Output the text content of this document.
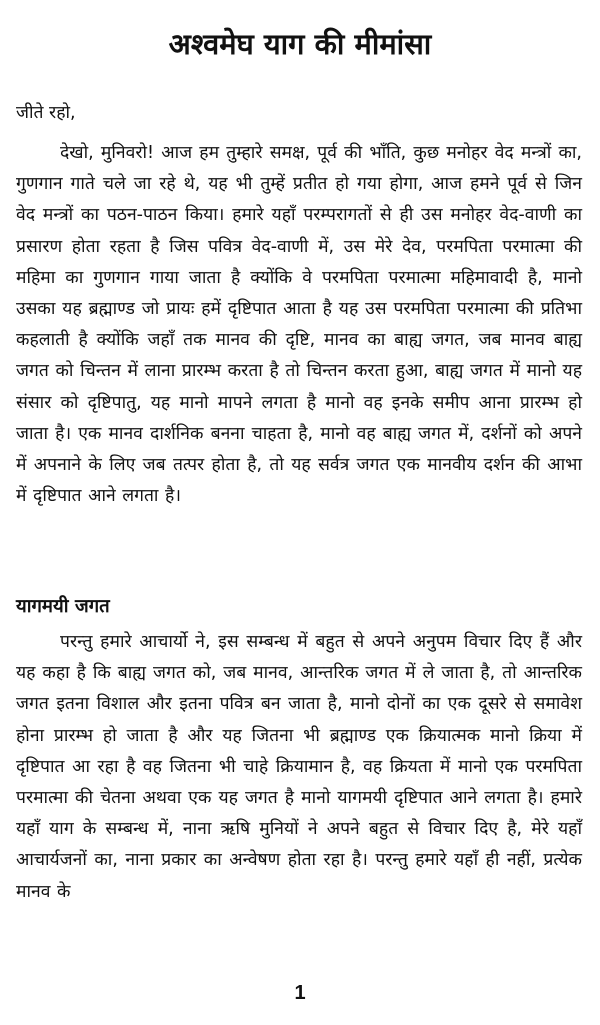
अश्वमेघ याग की मीमांसा

जीते रहो,

देखो, मुनिवरो! आज हम तुम्हारे समक्ष, पूर्व की भाँति, कुछ मनोहर वेद मन्त्रों का, गुणगान गाते चले जा रहे थे, यह भी तुम्हें प्रतीत हो गया होगा, आज हमने पूर्व से जिन वेद मन्त्रों का पठन-पाठन किया। हमारे यहाँ परम्परागतों से ही उस मनोहर वेद-वाणी का प्रसारण होता रहता है जिस पवित्र वेद-वाणी में, उस मेरे देव, परमपिता परमात्मा की महिमा का गुणगान गाया जाता है क्योंकि वे परमपिता परमात्मा महिमावादी है, मानो उसका यह ब्रह्माण्ड जो प्रायः हमें दृष्टिपात आता है यह उस परमपिता परमात्मा की प्रतिभा कहलाती है क्योंकि जहाँ तक मानव की दृष्टि, मानव का बाह्य जगत, जब मानव बाह्य जगत को चिन्तन में लाना प्रारम्भ करता है तो चिन्तन करता हुआ, बाह्य जगत में मानो यह संसार को दृष्टिपातु, यह मानो मापने लगता है मानो वह इनके समीप आना प्रारम्भ हो जाता है। एक मानव दार्शनिक बनना चाहता है, मानो वह बाह्य जगत में, दर्शनों को अपने में अपनाने के लिए जब तत्पर होता है, तो यह सर्वत्र जगत एक मानवीय दर्शन की आभा में दृष्टिपात आने लगता है।

यागमयी जगत

परन्तु हमारे आचार्यो ने, इस सम्बन्ध में बहुत से अपने अनुपम विचार दिए हैं और यह कहा है कि बाह्य जगत को, जब मानव, आन्तरिक जगत में ले जाता है, तो आन्तरिक जगत इतना विशाल और इतना पवित्र बन जाता है, मानो दोनों का एक दूसरे से समावेश होना प्रारम्भ हो जाता है और यह जितना भी ब्रह्माण्ड एक क्रियात्मक मानो क्रिया में दृष्टिपात आ रहा है वह जितना भी चाहे क्रियामान है, वह क्रियता में मानो एक परमपिता परमात्मा की चेतना अथवा एक यह जगत है मानो यागमयी दृष्टिपात आने लगता है। हमारे यहाँ याग के सम्बन्ध में, नाना ऋषि मुनियों ने अपने बहुत से विचार दिए है, मेरे यहाँ आचार्यजनों का, नाना प्रकार का अन्वेषण होता रहा है। परन्तु हमारे यहाँ ही नहीं, प्रत्येक मानव के

1
